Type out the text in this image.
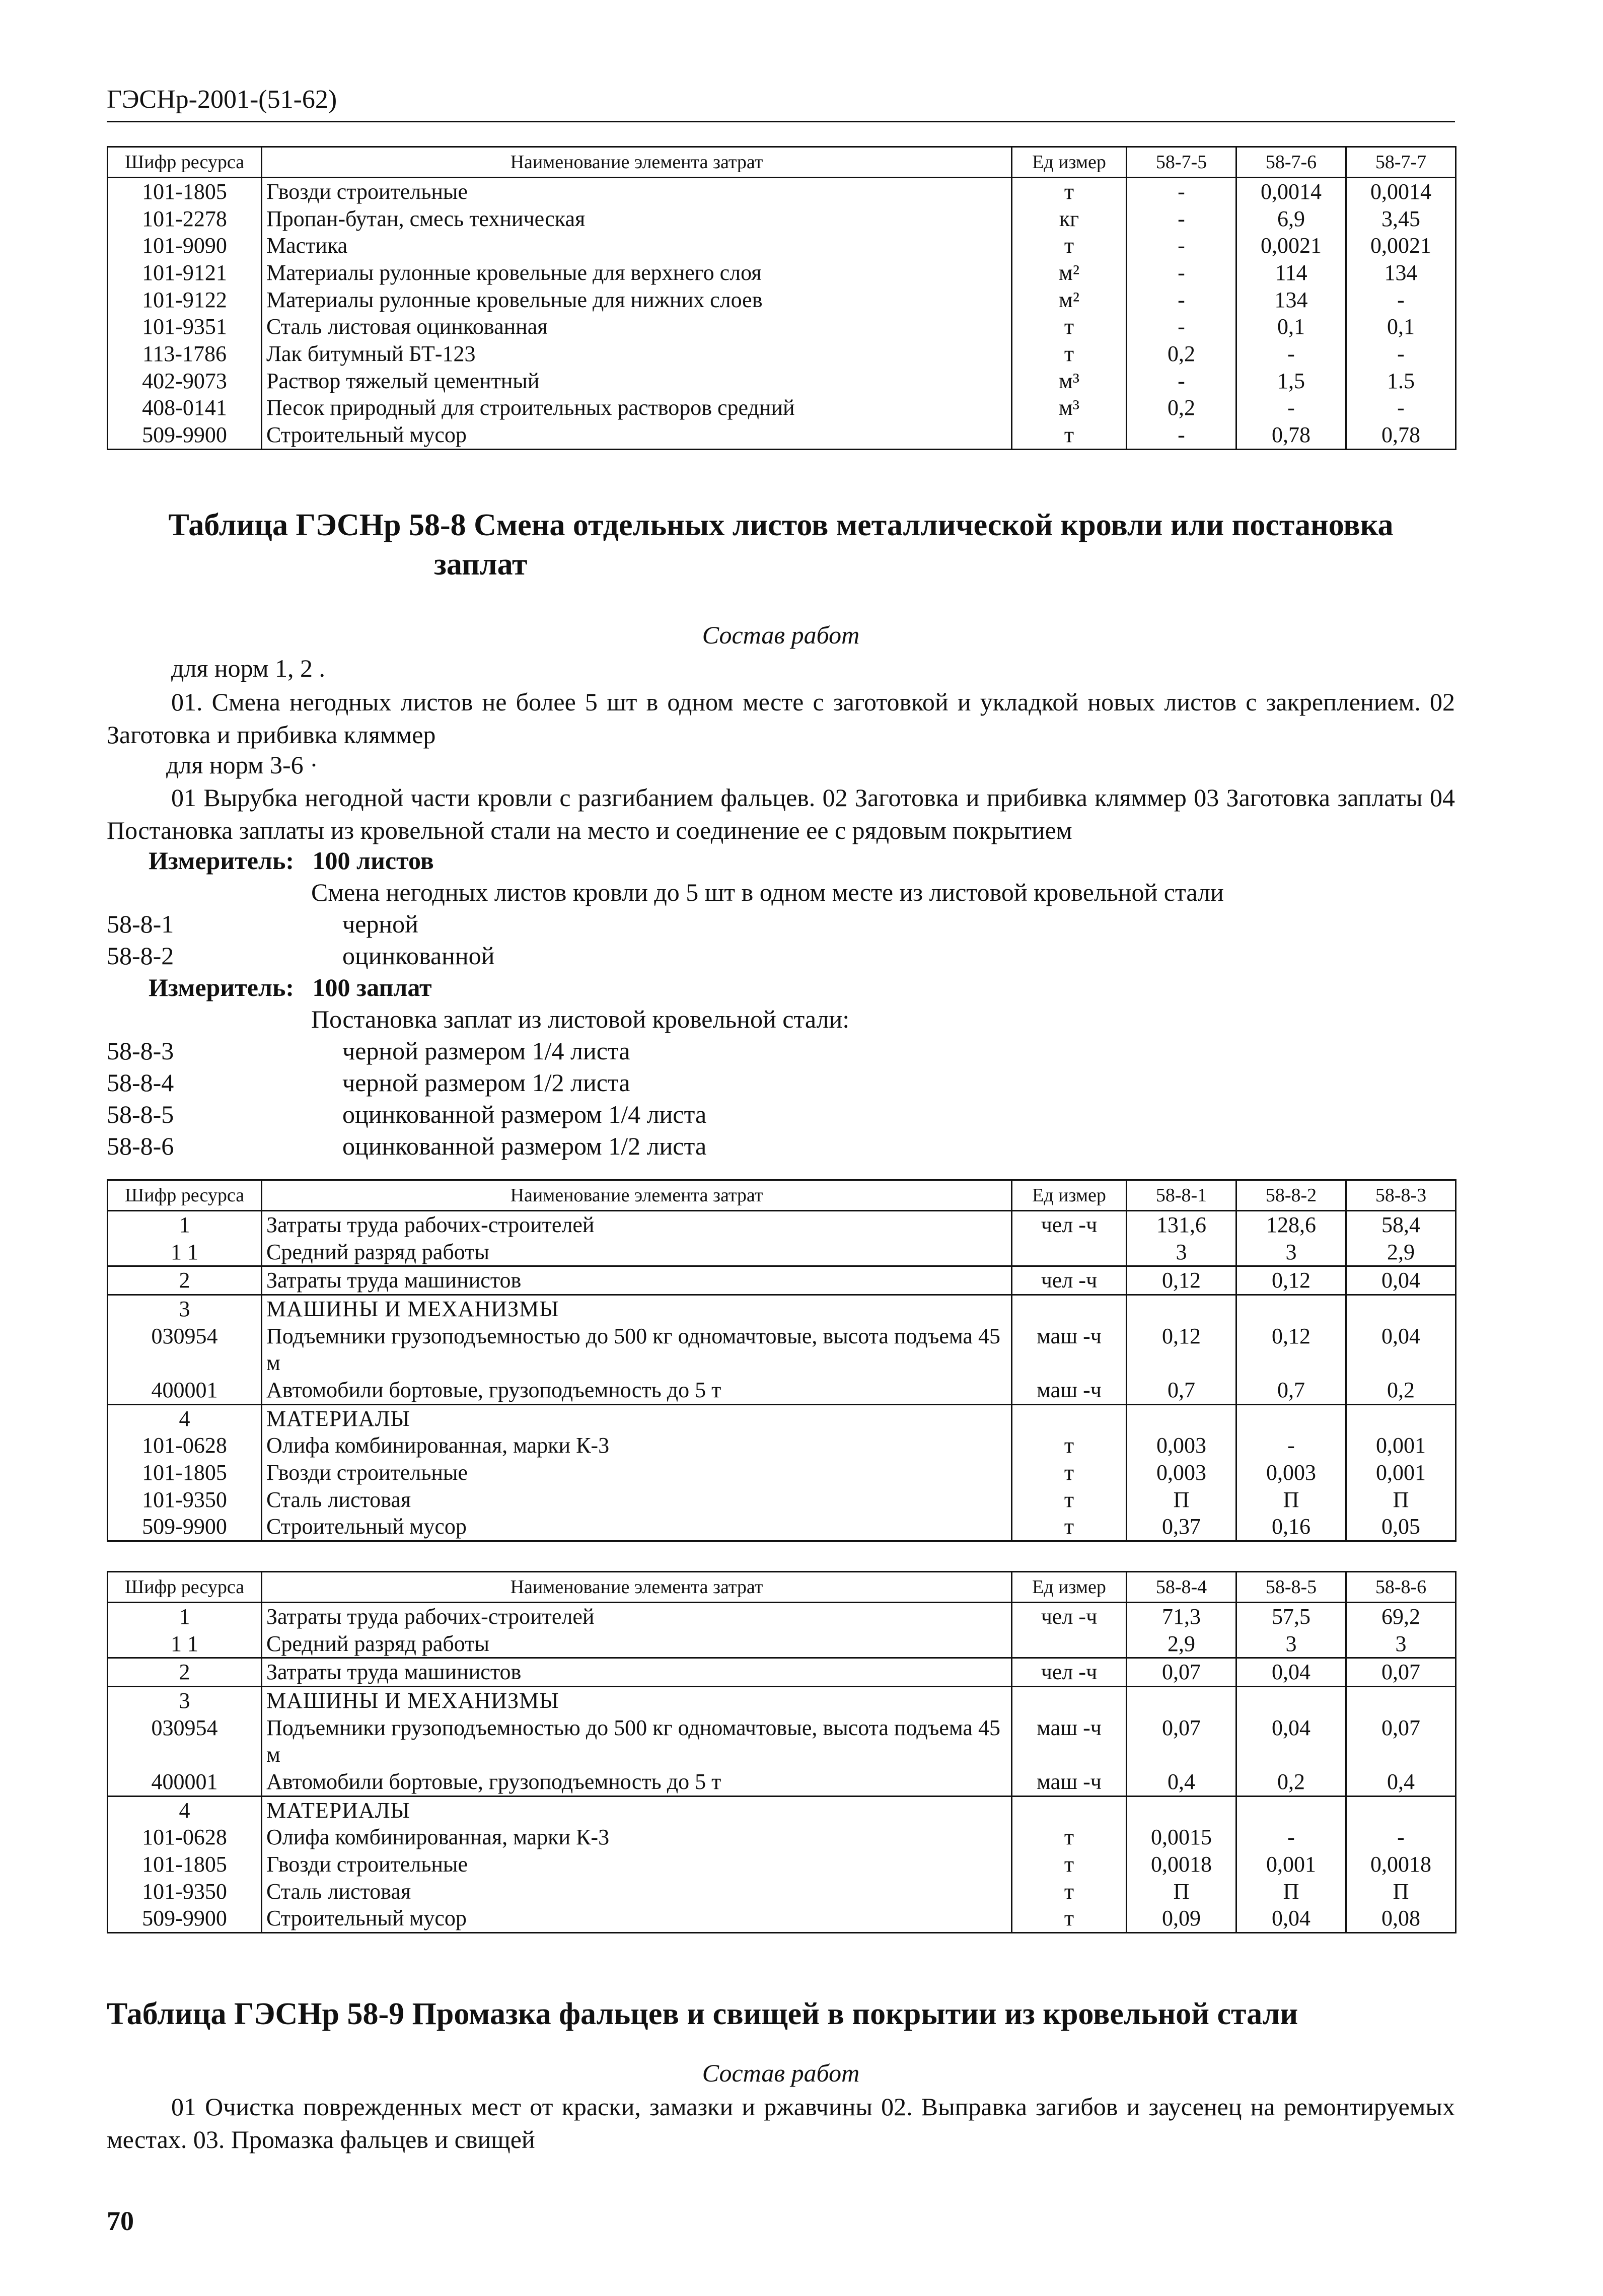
ГЭСНр-2001-(51-62)
Шифр ресурса	Наименование элемента затрат	Ед измер	58-7-5	58-7-6	58-7-7
101-1805	Гвозди строительные	т	-	0,0014	0,0014
101-2278	Пропан-бутан, смесь техническая	кг	-	6,9	3,45
101-9090	Мастика	т	-	0,0021	0,0021
101-9121	Материалы рулонные кровельные для верхнего слоя	м²	-	114	134
101-9122	Материалы рулонные кровельные для нижних слоев	м²	-	134	-
101-9351	Сталь листовая оцинкованная	т	-	0,1	0,1
113-1786	Лак битумный БТ-123	т	0,2	-	-
402-9073	Раствор тяжелый цементный	м³	-	1,5	1.5
408-0141	Песок природный для строительных растворов средний	м³	0,2	-	-
509-9900	Строительный мусор	т	-	0,78	0,78
Таблица ГЭСНр 58-8 Смена отдельных листов металлической кровли или постановка
заплат
Состав работ
для норм 1, 2 .
01. Смена негодных листов не более 5 шт в одном месте с заготовкой и укладкой новых листов с закреплением. 02 Заготовка и прибивка кляммер
для норм 3-6 ·
01 Вырубка негодной части кровли с разгибанием фальцев. 02 Заготовка и прибивка кляммер 03 Заготовка заплаты 04 Постановка заплаты из кровельной стали на место и соединение ее с рядовым покрытием
Измеритель: 100 листов
Смена негодных листов кровли до 5 шт в одном месте из листовой кровельной стали
58-8-1	черной
58-8-2	оцинкованной
Измеритель: 100 заплат
Постановка заплат из листовой кровельной стали:
58-8-3	черной размером 1/4 листа
58-8-4	черной размером 1/2 листа
58-8-5	оцинкованной размером 1/4 листа
58-8-6	оцинкованной размером 1/2 листа
Шифр ресурса	Наименование элемента затрат	Ед измер	58-8-1	58-8-2	58-8-3
1	Затраты труда рабочих-строителей	чел -ч	131,6	128,6	58,4
1 1	Средний разряд работы		3	3	2,9
2	Затраты труда машинистов	чел -ч	0,12	0,12	0,04
3	МАШИНЫ И МЕХАНИЗМЫ				
030954	Подъемники грузоподъемностью до 500 кг одномачтовые, высота подъема 45 м	маш -ч	0,12	0,12	0,04
400001	Автомобили бортовые, грузоподъемность до 5 т	маш -ч	0,7	0,7	0,2
4	МАТЕРИАЛЫ				
101-0628	Олифа комбинированная, марки К-3	т	0,003	-	0,001
101-1805	Гвозди строительные	т	0,003	0,003	0,001
101-9350	Сталь листовая	т	П	П	П
509-9900	Строительный мусор	т	0,37	0,16	0,05
Шифр ресурса	Наименование элемента затрат	Ед измер	58-8-4	58-8-5	58-8-6
1	Затраты труда рабочих-строителей	чел -ч	71,3	57,5	69,2
1 1	Средний разряд работы		2,9	3	3
2	Затраты труда машинистов	чел -ч	0,07	0,04	0,07
3	МАШИНЫ И МЕХАНИЗМЫ				
030954	Подъемники грузоподъемностью до 500 кг одномачтовые, высота подъема 45 м	маш -ч	0,07	0,04	0,07
400001	Автомобили бортовые, грузоподъемность до 5 т	маш -ч	0,4	0,2	0,4
4	МАТЕРИАЛЫ				
101-0628	Олифа комбинированная, марки К-3	т	0,0015	-	-
101-1805	Гвозди строительные	т	0,0018	0,001	0,0018
101-9350	Сталь листовая	т	П	П	П
509-9900	Строительный мусор	т	0,09	0,04	0,08
Таблица ГЭСНр 58-9 Промазка фальцев и свищей в покрытии из кровельной стали
Состав работ
01 Очистка поврежденных мест от краски, замазки и ржавчины 02. Выправка загибов и заусенец на ремонтируемых местах. 03. Промазка фальцев и свищей
70
